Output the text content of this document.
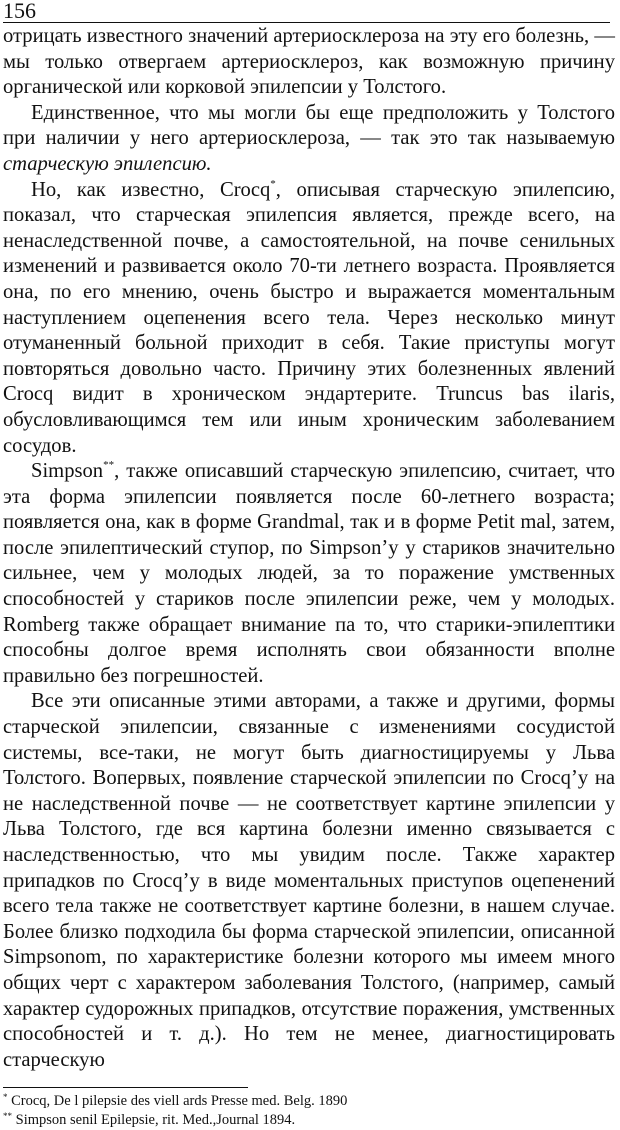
156

отрицать известного значений артериосклероза на эту его болезнь, — мы только отвергаем артериосклероз, как возможную причину органической или корковой эпилепсии у Толстого.

Единственное, что мы могли бы еще предположить у Толстого при наличии у него артериосклероза, — так это так называемую старческую эпилепсию.

Но, как известно, Crocq*, описывая старческую эпилепсию, показал, что старческая эпилепсия является, прежде всего, на ненаследственной почве, а самостоятельной, на почве сенильных изменений и развивается около 70-ти летнего возраста. Проявляется она, по его мнению, очень быстро и выражается моментальным наступлением оцепенения всего тела. Через несколько минут отуманенный больной приходит в себя. Такие приступы могут повторяться довольно часто. Причину этих болезненных явлений Crocq видит в хроническом эндартерите. Truncus bas ilaris, обусловливающимся тем или иным хроническим заболеванием сосудов.

Simpson**, также описавший старческую эпилепсию, считает, что эта форма эпилепсии появляется после 60-летнего возраста; появляется она, как в форме Grandmal, так и в форме Petit mal, затем, после эпилептический ступор, по Simpson’у у стариков значительно сильнее, чем у молодых людей, за то поражение умственных способностей у стариков после эпилепсии реже, чем у молодых. Romberg также обращает внимание па то, что старики-эпилептики способны долгое время исполнять свои обязанности вполне правильно без погрешностей.

Все эти описанные этими авторами, а также и другими, формы старческой эпилепсии, связанные с изменениями сосудистой системы, все-таки, не могут быть диагностицируемы у Льва Толстого. Вопервых, появление старческой эпилепсии по Crocq’у на не наследственной почве — не соответствует картине эпилепсии у Льва Толстого, где вся картина болезни именно связывается с наследственностью, что мы увидим после. Также характер припадков по Crocq’у в виде моментальных приступов оцепенений всего тела также не соответствует картине болезни, в нашем случае. Более близко подходила бы форма старческой эпилепсии, описанной Simpsonom, по характеристике болезни которого мы имеем много общих черт с характером заболевания Толстого, (например, самый характер судорожных припадков, отсутствие поражения, умственных способностей и т. д.). Но тем не менее, диагностицировать старческую

* Crocq, De l pilepsie des viell ards Presse med. Belg. 1890

** Simpson senil Epilepsie, rit. Med.,Journal 1894.
